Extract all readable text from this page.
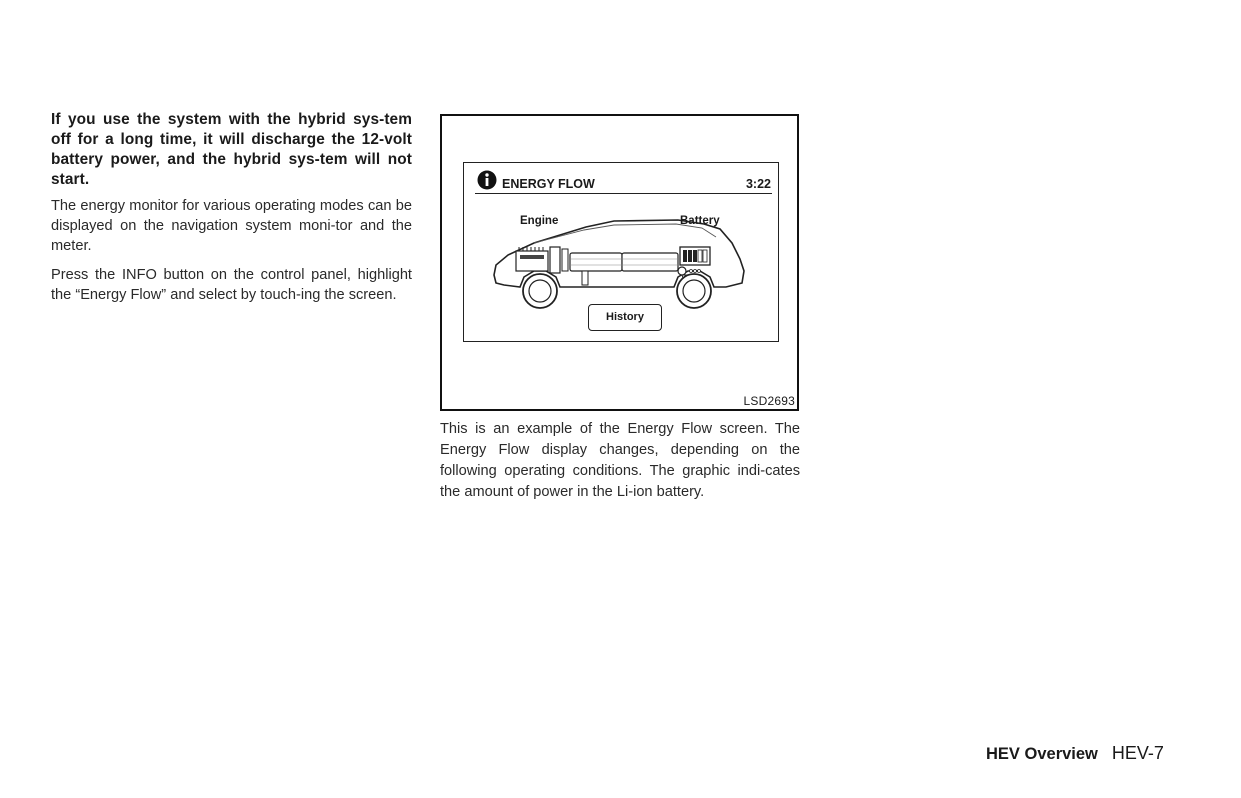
If you use the system with the hybrid sys-tem off for a long time, it will discharge the 12-volt battery power, and the hybrid sys-tem will not start.

The energy monitor for various operating modes can be displayed on the navigation system moni-tor and the meter.

Press the INFO button on the control panel, highlight the “Energy Flow” and select by touch-ing the screen.

ENERGY FLOW	3:22
Engine	Battery
History
LSD2693

This is an example of the Energy Flow screen. The Energy Flow display changes, depending on the following operating conditions. The graphic indi-cates the amount of power in the Li-ion battery.

HEV Overview HEV-7
